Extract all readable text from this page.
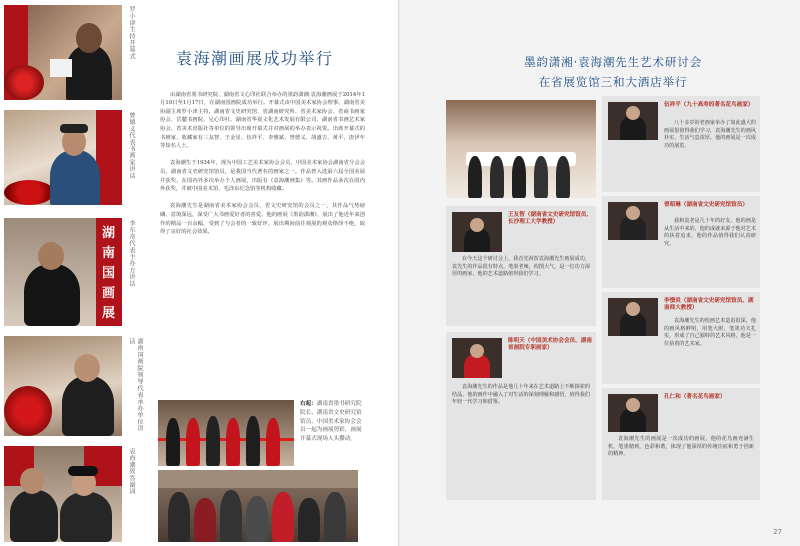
罗小津主持开幕式
曾德义代表书画家讲话
湖
南
国
画
展
李东奇代表主办方讲话
湖南国画院领导代表承办单位讲话
袁海潮致答谢词
袁海潮画展成功举行

由湖南省墨书研究院、湖南省文心印社联合举办的墨韵潇湘·袁海潮画展于2014年1月10日至1月17日，在湖南国画院成功举行。开幕式由中国美术家协会理事、湖南省美协副主席罗小津主持，湖南省文史研究馆、省湖南研究所、省美术家协会、省商书画家协会、岳麓书画院、兄心印社、湖南省华夏文化艺术发展有限公司、湖南省书画艺术家协会、省美术出版社等单位的领导出席开幕式并对画展的举办表示祝贺。出席开幕式的书画家、收藏家有三友智、王金星、伍祥平、李雅斌、曾德义、胡盛吉、黄平、唐伊年等知名人士。

袁海潮生于1934年，现为中国工艺美术家协会会员，中国美术家协会湖南省分会会员，湖南省文史研究馆馆员，是我国当代著名的画家之一。作品曾入选第六届全国美展并获奖，在国内外多次举办个人画展，出版有《袁海潮画集》等。其画作品多次在国内外获奖，并被中国美术馆、毛泽东纪念馆等机构收藏。

袁海潮先生是湖南省美术家协会会员、省文史研究馆的会员之一，其作品气势磅礴、意境深远，深受广大书画爱好者的喜爱。他的画展《墨韵潇湘》，展出了他近年来创作的精品一百余幅，受到了与会者的一致好评，展出期间前往观展的观众络绎不绝，取得了良好的社会效果。

右起：湖南省墨书研究院院长、湖南省文史研究馆馆员、中国美术家协会会员一起为画展剪彩，画展开幕式现场人头攒动。
墨韵潇湘·袁海潮先生艺术研讨会
在省展览馆三和大酒店举行
伍祥平（九十高寿的著名花鸟画家）
八十多岁的老画家举办了如此盛大的画展很值得我们学习，袁海潮先生的画风朴实，生活气息浓厚，他的画展是一次成功的展览。
王友智（湖南省文史研究馆馆员、长沙理工大学教授）
在今天这个研讨会上，我首先祝贺袁海潮先生画展成功，袁先生的作品很有特点，笔墨老辣，构图大气，是一位功力深厚的画家，他的艺术道路值得我们学习。
曾昭琳（湖南省文史研究馆馆员）
我和袁老是几十年的好友，他的画是从生活中来的，他的成就来源于他对艺术的执着追求，他的作品值得我们认真研究。
李憬炎（湖南省文史研究馆馆员、湖南师大教授）
袁海潮先生的绘画艺术造诣很深，他的画风格鲜明，用笔大胆，笔墨功夫扎实，形成了自己独特的艺术风格，他是一位执着的艺术家。
陈明天（中国美术协会会员、湖南省画院专职画家）
袁海潮先生的作品是他几十年来在艺术道路上不断探索的结晶，他的画作中融入了对生活的深刻理解和感悟，值得我们年轻一代学习和借鉴。
孔仁和（著名花鸟画家）
袁海潮先生的画展是一次成功的画展，他的花鸟画充满生机，笔墨精到，色彩和谐，体现了他深厚的传统功底和勇于创新的精神。
27
